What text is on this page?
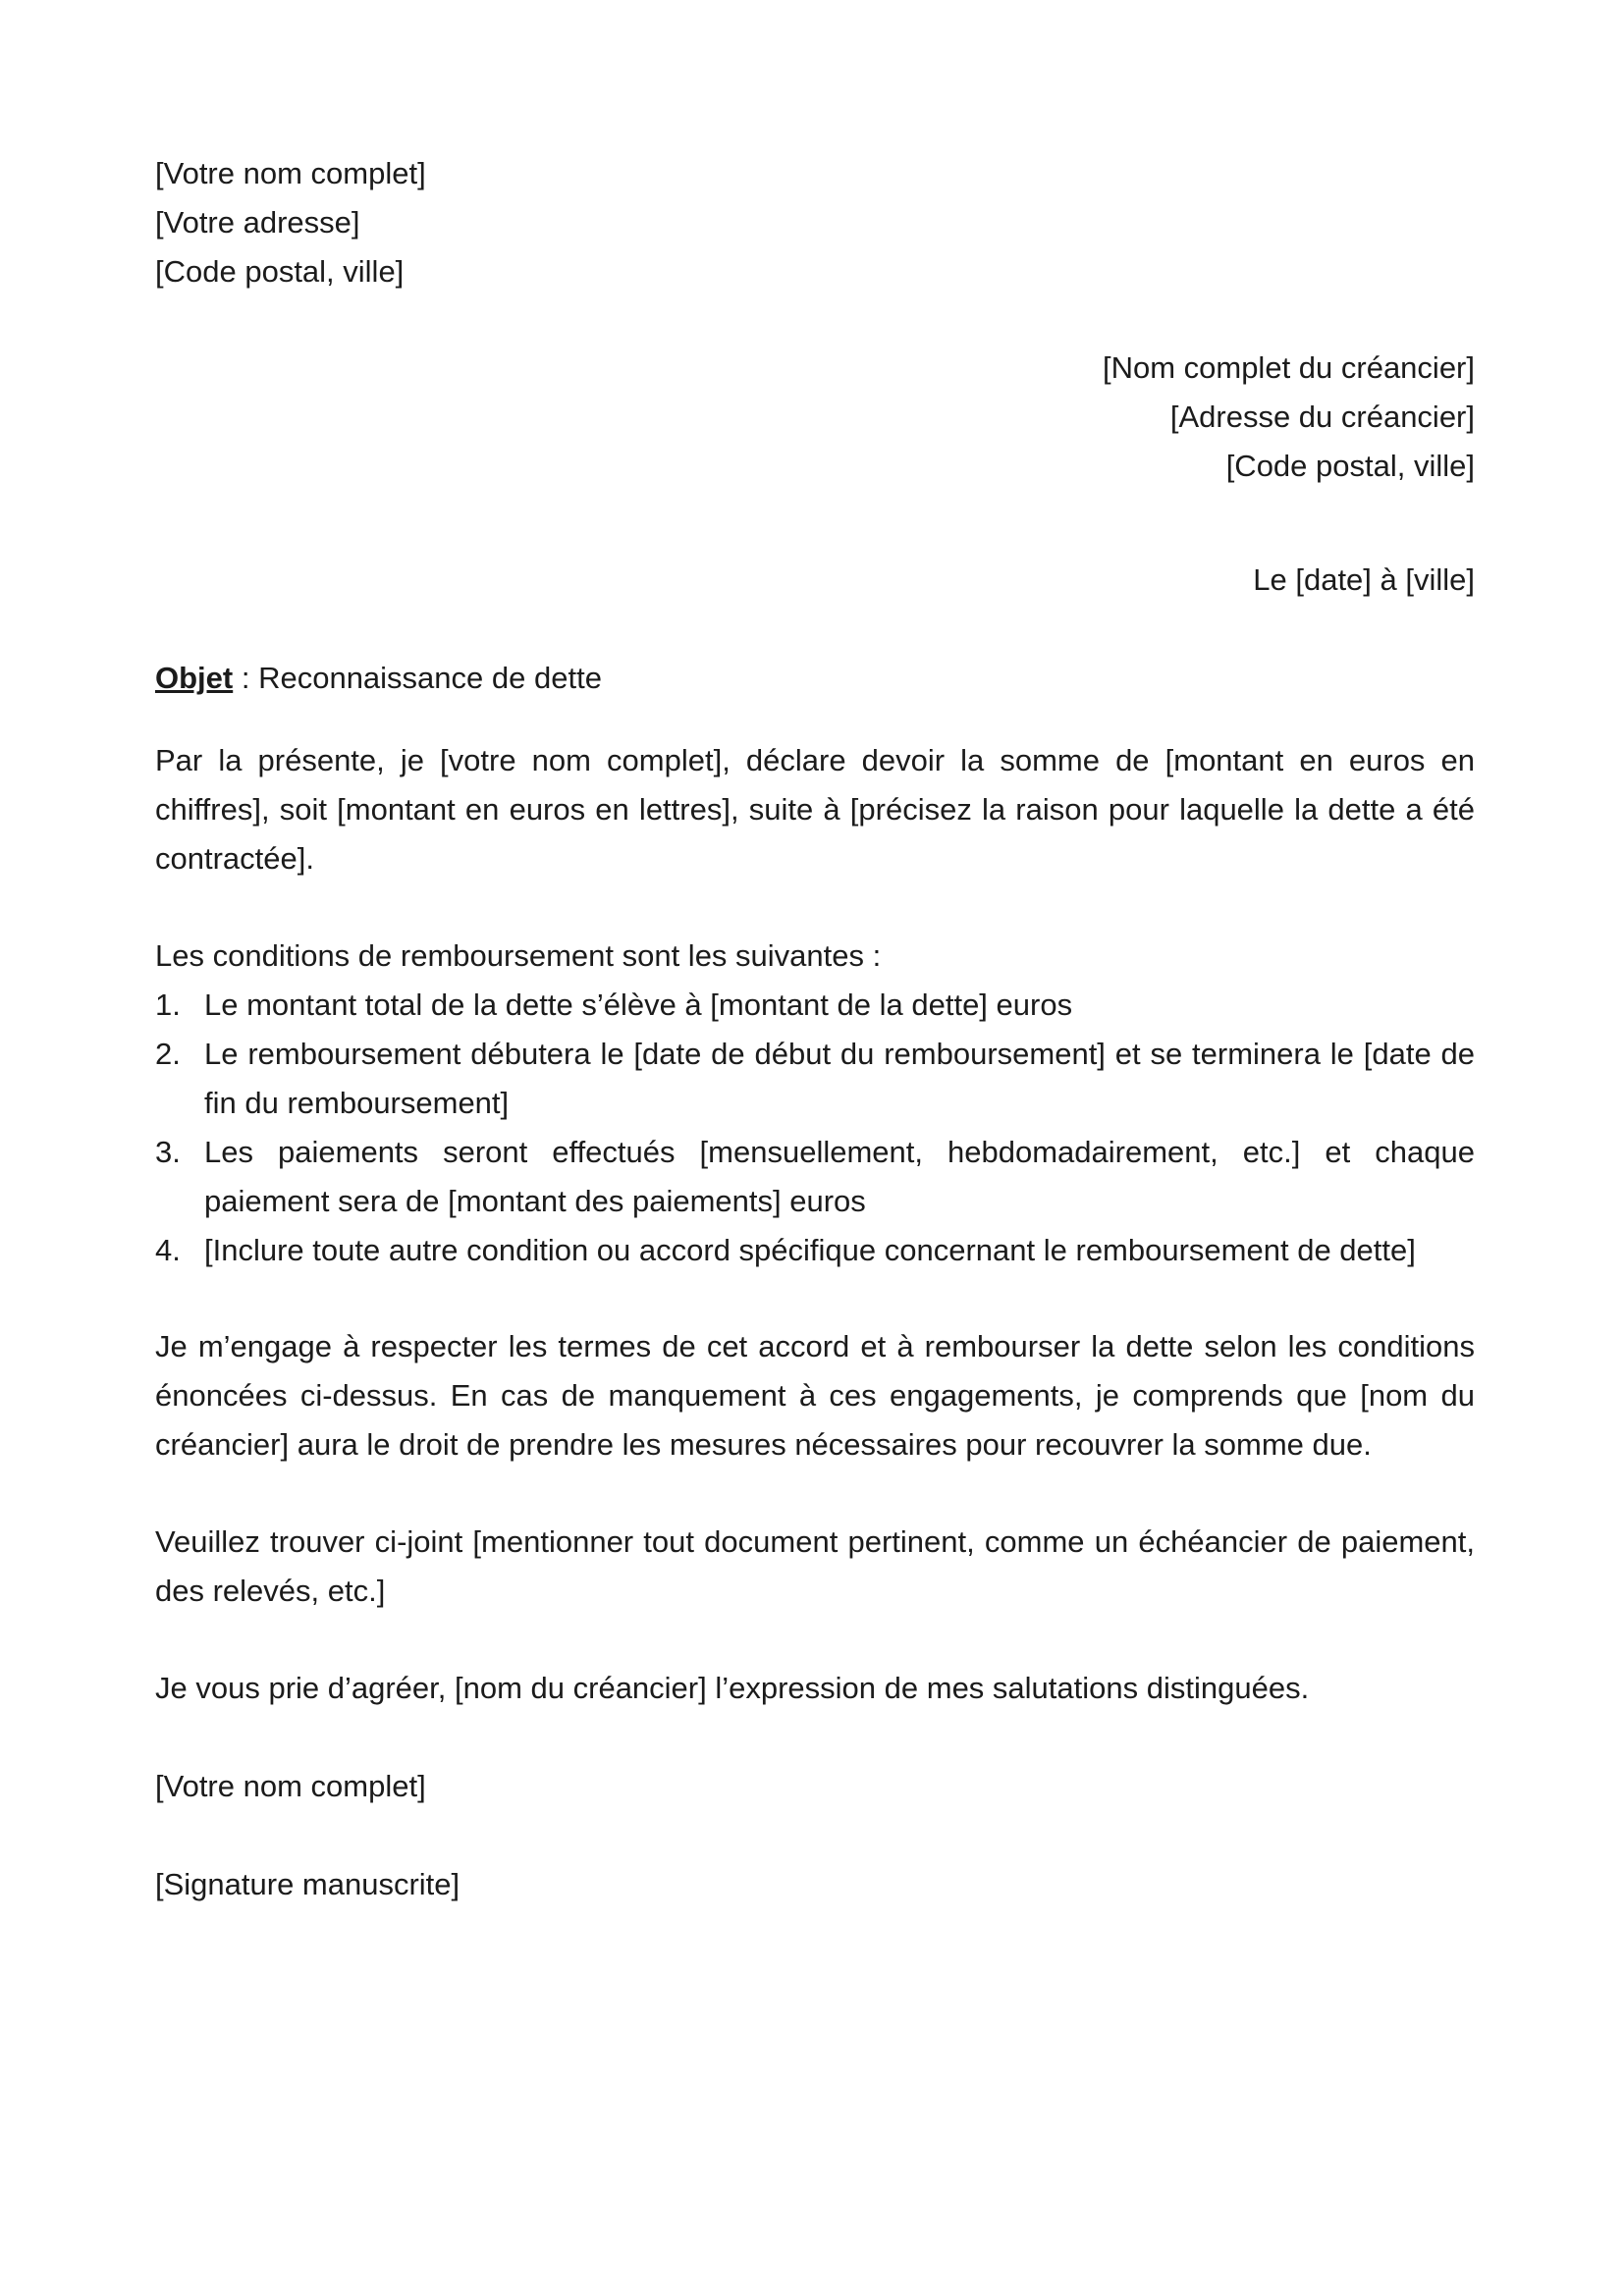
[Votre nom complet]
[Votre adresse]
[Code postal, ville]
[Nom complet du créancier]
[Adresse du créancier]
[Code postal, ville]
Le [date] à [ville]
Objet : Reconnaissance de dette

Par la présente, je [votre nom complet], déclare devoir la somme de [montant en euros en chiffres], soit [montant en euros en lettres], suite à [précisez la raison pour laquelle la dette a été contractée].

Les conditions de remboursement sont les suivantes :

1. Le montant total de la dette s’élève à [montant de la dette] euros
2. Le remboursement débutera le [date de début du remboursement] et se terminera le [date de fin du remboursement]
3. Les paiements seront effectués [mensuellement, hebdomadairement, etc.] et chaque paiement sera de [montant des paiements] euros
4. [Inclure toute autre condition ou accord spécifique concernant le remboursement de dette]

Je m’engage à respecter les termes de cet accord et à rembourser la dette selon les conditions énoncées ci-dessus. En cas de manquement à ces engagements, je comprends que [nom du créancier] aura le droit de prendre les mesures nécessaires pour recouvrer la somme due.

Veuillez trouver ci-joint [mentionner tout document pertinent, comme un échéancier de paiement, des relevés, etc.]

Je vous prie d’agréer, [nom du créancier] l’expression de mes salutations distinguées.

[Votre nom complet]

[Signature manuscrite]
